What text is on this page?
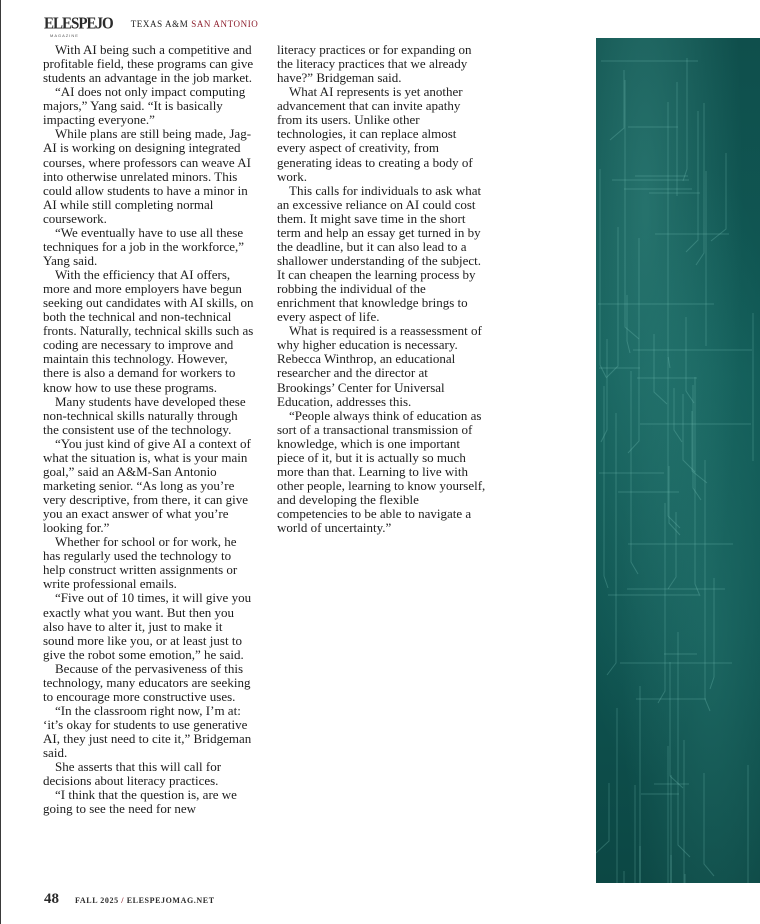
ELESPEJO
MAGAZINE
TEXAS A&M SAN ANTONIO

With AI being such a competitive and profitable field, these programs can give students an advantage in the job market.

“AI does not only impact computing majors,” Yang said. “It is basically impacting everyone.”

While plans are still being made, Jag-AI is working on designing integrated courses, where professors can weave AI into otherwise unrelated minors. This could allow students to have a minor in AI while still completing normal coursework.

“We eventually have to use all these techniques for a job in the workforce,” Yang said.

With the efficiency that AI offers, more and more employers have begun seeking out candidates with AI skills, on both the technical and non-technical fronts. Naturally, technical skills such as coding are necessary to improve and maintain this technology. However, there is also a demand for workers to know how to use these programs.

Many students have developed these non-technical skills naturally through the consistent use of the technology.

“You just kind of give AI a context of what the situation is, what is your main goal,” said an A&M-San Antonio marketing senior. “As long as you’re very descriptive, from there, it can give you an exact answer of what you’re looking for.”

Whether for school or for work, he has regularly used the technology to help construct written assignments or write professional emails.

“Five out of 10 times, it will give you exactly what you want. But then you also have to alter it, just to make it sound more like you, or at least just to give the robot some emotion,” he said.

Because of the pervasiveness of this technology, many educators are seeking to encourage more constructive uses.

“In the classroom right now, I’m at: ‘it’s okay for students to use generative AI, they just need to cite it,” Bridgeman said.

She asserts that this will call for decisions about literacy practices.

“I think that the question is, are we going to see the need for new

literacy practices or for expanding on the literacy practices that we already have?” Bridgeman said.

What AI represents is yet another advancement that can invite apathy from its users. Unlike other technologies, it can replace almost every aspect of creativity, from generating ideas to creating a body of work.

This calls for individuals to ask what an excessive reliance on AI could cost them. It might save time in the short term and help an essay get turned in by the deadline, but it can also lead to a shallower understanding of the subject. It can cheapen the learning process by robbing the individual of the enrichment that knowledge brings to every aspect of life.

What is required is a reassessment of why higher education is necessary. Rebecca Winthrop, an educational researcher and the director at Brookings’ Center for Universal Education, addresses this.

“People always think of education as sort of a transactional transmission of knowledge, which is one important piece of it, but it is actually so much more than that. Learning to live with other people, learning to know yourself, and developing the flexible competencies to be able to navigate a world of uncertainty.”

48 FALL 2025 / ELESPEJOMAG.NET
